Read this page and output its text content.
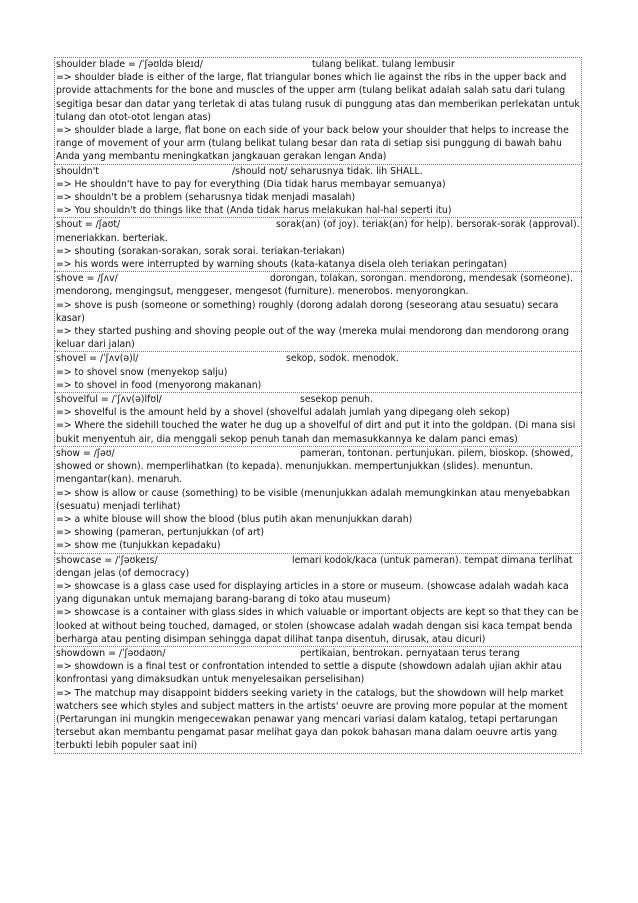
shoulder blade = /ˈʃəʊldə bleɪd/	tulang belikat. tulang lembusir
=> shoulder blade is either of the large, flat triangular bones which lie against the ribs in the upper back and provide attachments for the bone and muscles of the upper arm (tulang belikat adalah salah satu dari tulang segitiga besar dan datar yang terletak di atas tulang rusuk di punggung atas dan memberikan perlekatan untuk tulang dan otot-otot lengan atas)
=> shoulder blade a large, flat bone on each side of your back below your shoulder that helps to increase the range of movement of your arm (tulang belikat tulang besar dan rata di setiap sisi punggung di bawah bahu Anda yang membantu meningkatkan jangkauan gerakan lengan Anda)
shouldn't	/should not/ seharusnya tidak. lih SHALL.
=> He shouldn't have to pay for everything (Dia tidak harus membayar semuanya)
=> shouldn't be a problem (seharusnya tidak menjadi masalah)
=> You shouldn't do things like that (Anda tidak harus melakukan hal-hal seperti itu)
shout = /ʃaʊt/	sorak(an) (of joy). teriak(an) for help). bersorak-sorak (approval). meneriakkan. berteriak.
=> shouting (sorakan-sorakan, sorak sorai. teriakan-teriakan)
=> his words were interrupted by warning shouts (kata-katanya disela oleh teriakan peringatan)
shove = /ʃʌv/	dorongan, tolakan, sorongan. mendorong, mendesak (someone). mendorong, mengingsut, menggeser, mengesot (furniture). menerobos. menyorongkan.
=> shove is push (someone or something) roughly (dorong adalah dorong (seseorang atau sesuatu) secara kasar)
=> they started pushing and shoving people out of the way (mereka mulai mendorong dan mendorong orang keluar dari jalan)
shovel = /ˈʃʌv(ə)l/	sekop, sodok. menodok.
=> to shovel snow (menyekop salju)
=> to shovel in food (menyorong makanan)
shovelful = /ˈʃʌv(ə)lfʊl/	sesekop penuh.
=> shovelful is the amount held by a shovel (shovelful adalah jumlah yang dipegang oleh sekop)
=> Where the sidehill touched the water he dug up a shovelful of dirt and put it into the goldpan. (Di mana sisi bukit menyentuh air, dia menggali sekop penuh tanah dan memasukkannya ke dalam panci emas)
show = /ʃəʊ/	pameran, tontonan. pertunjukan. pilem, bioskop. (showed, showed or shown). memperlihatkan (to kepada). menunjukkan. mempertunjukkan (slides). menuntun. mengantar(kan). menaruh.
=> show is allow or cause (something) to be visible (menunjukkan adalah memungkinkan atau menyebabkan (sesuatu) menjadi terlihat)
=> a white blouse will show the blood (blus putih akan menunjukkan darah)
=> showing (pameran, pertunjukkan (of art)
=> show me (tunjukkan kepadaku)
showcase = /ˈʃəʊkeɪs/	lemari kodok/kaca (untuk pameran). tempat dimana terlihat dengan jelas (of democracy)
=> showcase is a glass case used for displaying articles in a store or museum. (showcase adalah wadah kaca yang digunakan untuk memajang barang-barang di toko atau museum)
=> showcase is a container with glass sides in which valuable or important objects are kept so that they can be looked at without being touched, damaged, or stolen (showcase adalah wadah dengan sisi kaca tempat benda berharga atau penting disimpan sehingga dapat dilihat tanpa disentuh, dirusak, atau dicuri)
showdown = /ˈʃəʊdaʊn/	pertikaian, bentrokan. pernyataan terus terang
=> showdown is a final test or confrontation intended to settle a dispute (showdown adalah ujian akhir atau konfrontasi yang dimaksudkan untuk menyelesaikan perselisihan)
=> The matchup may disappoint bidders seeking variety in the catalogs, but the showdown will help market watchers see which styles and subject matters in the artists' oeuvre are proving more popular at the moment (Pertarungan ini mungkin mengecewakan penawar yang mencari variasi dalam katalog, tetapi pertarungan tersebut akan membantu pengamat pasar melihat gaya dan pokok bahasan mana dalam oeuvre artis yang terbukti lebih populer saat ini)
